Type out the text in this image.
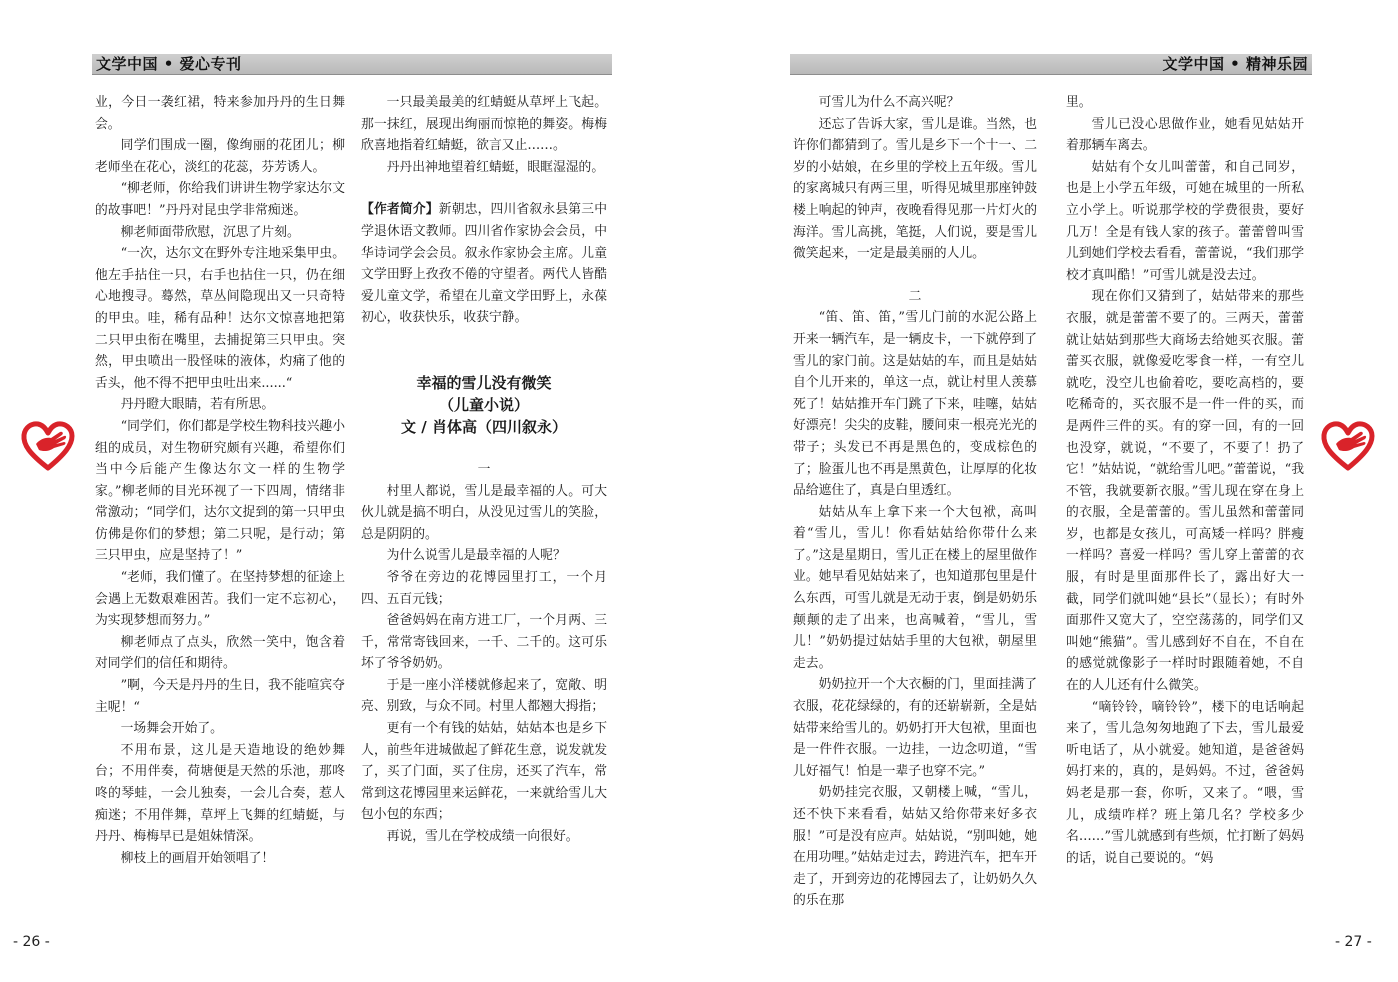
文学中国 • 爱心专刊	文学中国 • 精神乐园

业，今日一袭红裙，特来参加丹丹的生日舞会。

同学们围成一圈，像绚丽的花团儿；柳老师坐在花心，淡红的花蕊，芬芳诱人。

“柳老师，你给我们讲讲生物学家达尔文的故事吧！”丹丹对昆虫学非常痴迷。

柳老师面带欣慰，沉思了片刻。

“一次，达尔文在野外专注地采集甲虫。他左手拈住一只，右手也拈住一只，仍在细心地搜寻。蓦然，草丛间隐现出又一只奇特的甲虫。哇，稀有品种！达尔文惊喜地把第二只甲虫衔在嘴里，去捕捉第三只甲虫。突然，甲虫喷出一股怪味的液体，灼痛了他的舌头，他不得不把甲虫吐出来......“

丹丹瞪大眼睛，若有所思。

“同学们，你们都是学校生物科技兴趣小组的成员，对生物研究颇有兴趣，希望你们当中今后能产生像达尔文一样的生物学家。”柳老师的目光环视了一下四周，情绪非常激动；“同学们，达尔文捉到的第一只甲虫仿佛是你们的梦想；第二只呢，是行动；第三只甲虫，应是坚持了！”

“老师，我们懂了。在坚持梦想的征途上会遇上无数艰难困苦。我们一定不忘初心，为实现梦想而努力。”

柳老师点了点头，欣然一笑中，饱含着对同学们的信任和期待。

”啊，今天是丹丹的生日，我不能喧宾夺主呢！“

一场舞会开始了。

不用布景，这儿是天造地设的绝妙舞台；不用伴奏，荷塘便是天然的乐池，那咚咚的琴蛙，一会儿独奏，一会儿合奏，惹人痴迷；不用伴舞，草坪上飞舞的红蜻蜓，与丹丹、梅梅早已是姐妹情深。

柳枝上的画眉开始领唱了！

一只最美最美的红蜻蜓从草坪上飞起。那一抹红，展现出绚丽而惊艳的舞姿。梅梅欣喜地指着红蜻蜓，欲言又止……。

丹丹出神地望着红蜻蜓，眼眶湿湿的。

【作者简介】新朝忠，四川省叙永县第三中学退休语文教师。四川省作家协会会员，中华诗词学会会员。叙永作家协会主席。儿童文学田野上孜孜不倦的守望者。两代人皆酷爱儿童文学，希望在儿童文学田野上，永葆初心，收获快乐，收获宁静。

幸福的雪儿没有微笑
（儿童小说）
文 / 肖体高（四川叙永）

一

村里人都说，雪儿是最幸福的人。可大伙儿就是搞不明白，从没见过雪儿的笑脸，总是阴阴的。

为什么说雪儿是最幸福的人呢？

爷爷在旁边的花博园里打工，一个月四、五百元钱；

爸爸妈妈在南方进工厂，一个月两、三千，常常寄钱回来，一千、二千的。这可乐坏了爷爷奶奶。

于是一座小洋楼就修起来了，宽敞、明亮、别致，与众不同。村里人都翘大拇指；

更有一个有钱的姑姑，姑姑本也是乡下人，前些年进城做起了鲜花生意，说发就发了，买了门面，买了住房，还买了汽车，常常到这花博园里来运鲜花，一来就给雪儿大包小包的东西；

再说，雪儿在学校成绩一向很好。

可雪儿为什么不高兴呢？

还忘了告诉大家，雪儿是谁。当然，也许你们都猜到了。雪儿是乡下一个十一、二岁的小姑娘，在乡里的学校上五年级。雪儿的家离城只有两三里，听得见城里那座钟鼓楼上响起的钟声，夜晚看得见那一片灯火的海洋。雪儿高挑，笔挺，人们说，要是雪儿微笑起来，一定是最美丽的人儿。

二

“笛、笛、笛，”雪儿门前的水泥公路上开来一辆汽车，是一辆皮卡，一下就停到了雪儿的家门前。这是姑姑的车，而且是姑姑自个儿开来的，单这一点，就让村里人羡慕死了！姑姑推开车门跳了下来，哇噻，姑姑好漂亮！尖尖的皮鞋，腰间束一根亮光光的带子；头发已不再是黑色的，变成棕色的了；脸蛋儿也不再是黑黄色，让厚厚的化妆品给遮住了，真是白里透红。

姑姑从车上拿下来一个大包袱，高叫着“雪儿，雪儿！你看姑姑给你带什么来了。”这是星期日，雪儿正在楼上的屋里做作业。她早看见姑姑来了，也知道那包里是什么东西，可雪儿就是无动于衷，倒是奶奶乐颠颠的走了出来，也高喊着，“雪儿，雪儿！”奶奶提过姑姑手里的大包袱，朝屋里走去。

奶奶拉开一个大衣橱的门，里面挂满了衣服，花花绿绿的，有的还崭崭新，全是姑姑带来给雪儿的。奶奶打开大包袱，里面也是一件件衣服。一边挂，一边念叨道，“雪儿好福气！怕是一辈子也穿不完。”

奶奶挂完衣服，又朝楼上喊，“雪儿，还不快下来看看，姑姑又给你带来好多衣服！”可是没有应声。姑姑说，“别叫她，她在用功哩。”姑姑走过去，跨进汽车，把车开走了，开到旁边的花博园去了，让奶奶久久的乐在那

里。

雪儿已没心思做作业，她看见姑姑开着那辆车离去。

姑姑有个女儿叫蕾蕾，和自己同岁，也是上小学五年级，可她在城里的一所私立小学上。听说那学校的学费很贵，要好几万！全是有钱人家的孩子。蕾蕾曾叫雪儿到她们学校去看看，蕾蕾说，“我们那学校才真叫酷！”可雪儿就是没去过。

现在你们又猜到了，姑姑带来的那些衣服，就是蕾蕾不要了的。三两天，蕾蕾就让姑姑到那些大商场去给她买衣服。蕾蕾买衣服，就像爱吃零食一样，一有空儿就吃，没空儿也偷着吃，要吃高档的，要吃稀奇的，买衣服不是一件一件的买，而是两件三件的买。有的穿一回，有的一回也没穿，就说，“不要了，不要了！扔了它！”姑姑说，“就给雪儿吧。”蕾蕾说，“我不管，我就要新衣服。”雪儿现在穿在身上的衣服，全是蕾蕾的。雪儿虽然和蕾蕾同岁，也都是女孩儿，可高矮一样吗？胖瘦一样吗？喜爱一样吗？雪儿穿上蕾蕾的衣服，有时是里面那件长了，露出好大一截，同学们就叫她“县长”（显长）；有时外面那件又宽大了，空空荡荡的，同学们又叫她“熊猫”。雪儿感到好不自在，不自在的感觉就像影子一样时时跟随着她，不自在的人儿还有什么微笑。

“嘀铃铃，嘀铃铃”，楼下的电话响起来了，雪儿急匆匆地跑了下去，雪儿最爱听电话了，从小就爱。她知道，是爸爸妈妈打来的，真的，是妈妈。不过，爸爸妈妈老是那一套，你听，又来了。“喂，雪儿，成绩咋样？班上第几名？学校多少名……”雪儿就感到有些烦，忙打断了妈妈的话，说自己要说的。“妈

- 26 -	- 27 -
